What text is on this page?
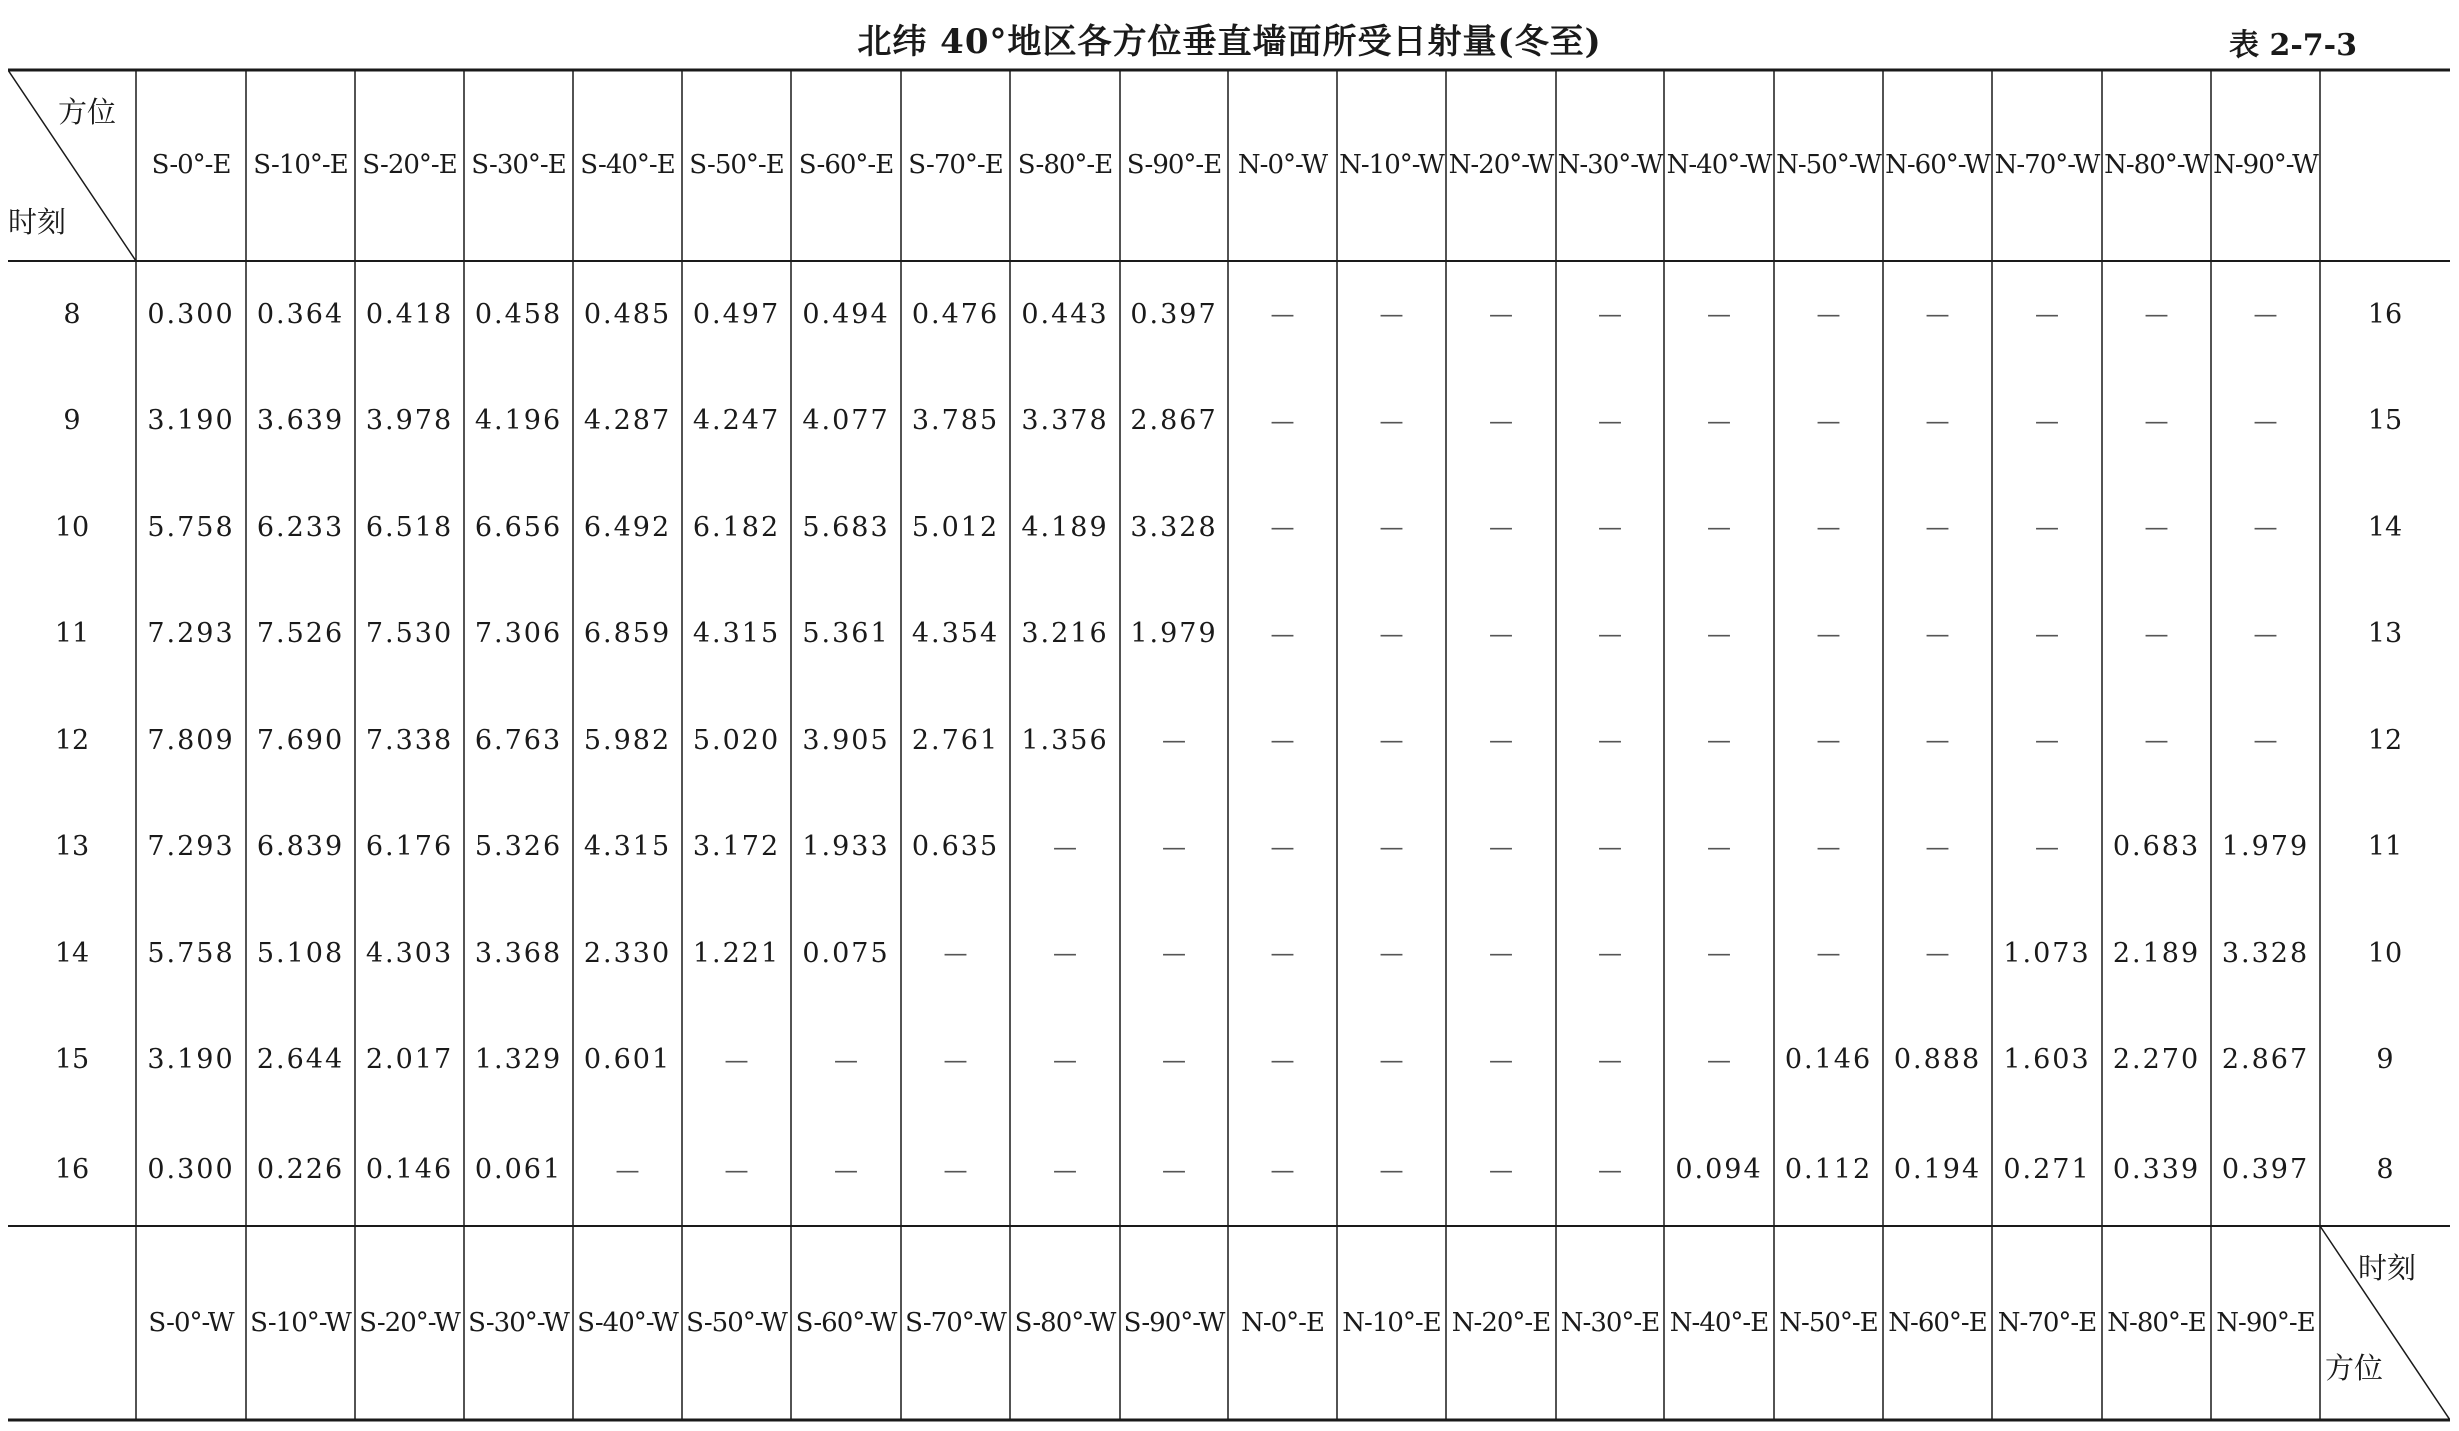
北纬 40°地区各方位垂直墙面所受日射量(冬至)	表 2-7-3
方位
时刻
时刻
方位
S-0°-E S-10°-E S-20°-E S-30°-E S-40°-E S-50°-E S-60°-E S-70°-E S-80°-E S-90°-E N-0°-W N-10°-W N-20°-W N-30°-W N-40°-W N-50°-W N-60°-W N-70°-W N-80°-W N-90°-W
S-0°-W S-10°-W S-20°-W S-30°-W S-40°-W S-50°-W S-60°-W S-70°-W S-80°-W S-90°-W N-0°-E N-10°-E N-20°-E N-30°-E N-40°-E N-50°-E N-60°-E N-70°-E N-80°-E N-90°-E
8	0.300 0.364 0.418 0.458 0.485 0.497 0.494 0.476 0.443 0.397	—	—	—	—	—	—	—	—	—	—	16
9	3.190 3.639 3.978 4.196 4.287 4.247 4.077 3.785 3.378 2.867	—	—	—	—	—	—	—	—	—	—	15
10	5.758 6.233 6.518 6.656 6.492 6.182 5.683 5.012 4.189 3.328	—	—	—	—	—	—	—	—	—	—	14
11	7.293 7.526 7.530 7.306 6.859 4.315 5.361 4.354 3.216 1.979	—	—	—	—	—	—	—	—	—	—	13
12	7.809 7.690 7.338 6.763 5.982 5.020 3.905 2.761 1.356	—	—	—	—	—	—	—	—	—	—	—	12
13	7.293 6.839 6.176 5.326 4.315 3.172 1.933 0.635	—	—	—	—	—	—	—	—	—	—	0.683 1.979	11
14	5.758 5.108 4.303 3.368 2.330 1.221 0.075	—	—	—	—	—	—	—	—	—	—	1.073 2.189 3.328	10
15	3.190 2.644 2.017 1.329 0.601	—	—	—	—	—	—	—	—	—	—	0.146 0.888 1.603 2.270 2.867	9
16	0.300 0.226 0.146 0.061	—	—	—	—	—	—	—	—	—	—	0.094 0.112 0.194 0.271 0.339 0.397	8
